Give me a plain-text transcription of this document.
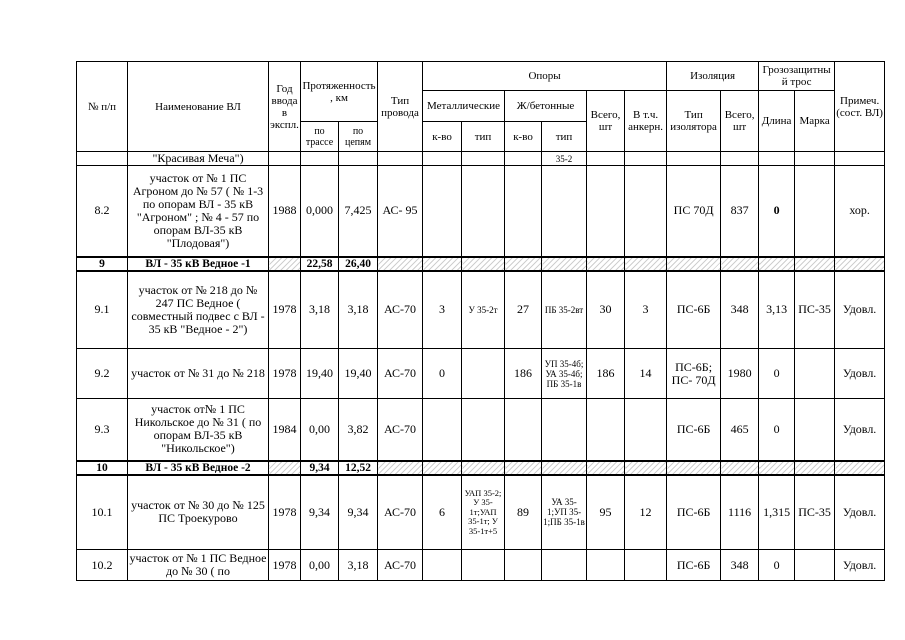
№ п/п	Наименование ВЛ	Год ввода в экспл.	Протяженность, км		Тип провода	Опоры						Изоляция		Грозозащитный трос		Примеч. (сост. ВЛ)
						Металлические		Ж/бетонные		Всего, шт	В т.ч. анкерн.	Тип изолятора	Всего, шт	Длина	Марка	
			по трассе	по цепям		к-во	тип	к-во	тип							
	"Красивая Меча")								35-2							
8.2	участок от № 1 ПС Агроном до № 57 ( № 1-3 по опорам ВЛ - 35 кВ "Агроном" ; № 4 - 57 по опорам ВЛ-35 кВ "Плодовая")	1988	0,000	7,425	АС- 95							ПС 70Д	837	0		хор.
9	ВЛ - 35 кВ Ведное -1		22,58	26,40												
9.1	участок от № 218 до № 247 ПС Ведное ( совместный подвес с ВЛ - 35 кВ "Ведное - 2")	1978	3,18	3,18	АС-70	3	У 35-2т	27	ПБ 35-2вт	30	3	ПС-6Б	348	3,13	ПС-35	Удовл.
9.2	участок от № 31 до № 218	1978	19,40	19,40	АС-70	0		186	УП 35-4б; УА 35-4б; ПБ 35-1в	186	14	ПС-6Б; ПС- 70Д	1980	0		Удовл.
9.3	участок от№ 1 ПС Никольское до № 31 ( по опорам ВЛ-35 кВ "Никольское")	1984	0,00	3,82	АС-70							ПС-6Б	465	0		Удовл.
10	ВЛ - 35 кВ Ведное -2		9,34	12,52												
10.1	участок от № 30 до № 125 ПС Троекурово	1978	9,34	9,34	АС-70	6	УАП 35-2; У 35-1т;УАП 35-1т; У 35-1т+5	89	УА 35-1;УП 35-1;ПБ 35-1в	95	12	ПС-6Б	1116	1,315	ПС-35	Удовл.
10.2	участок от № 1 ПС Ведное до № 30 ( по	1978	0,00	3,18	АС-70							ПС-6Б	348	0		Удовл.
